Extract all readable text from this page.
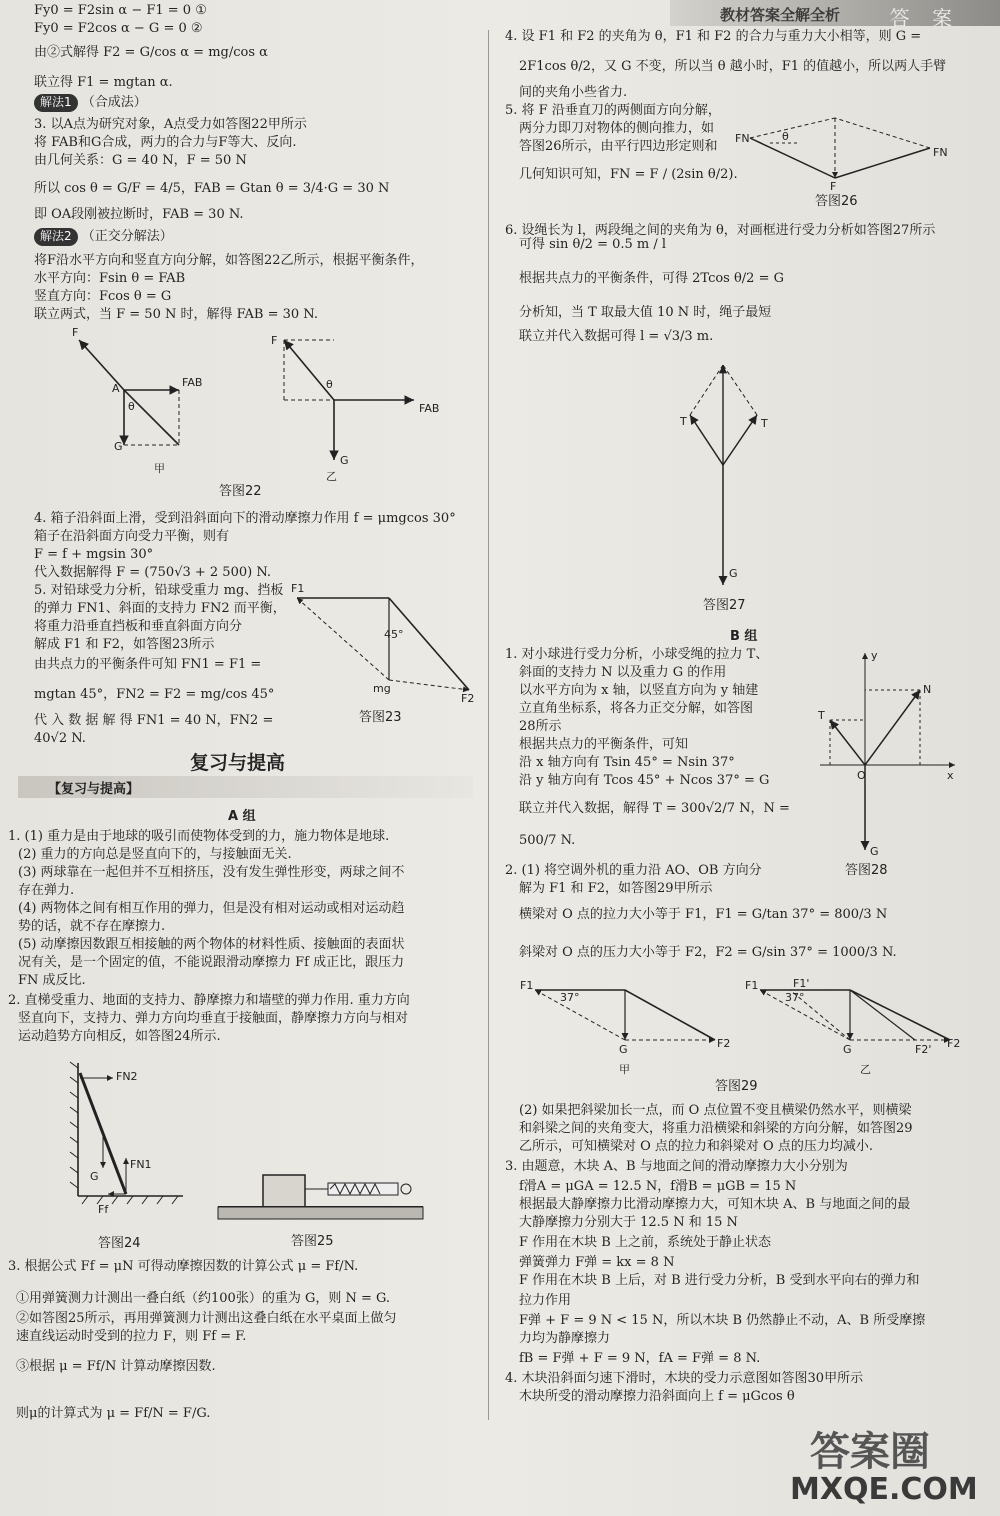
教材答案全解全析 答 案
Fy0 = F2sin α − F1 = 0 ①
Fy0 = F2cos α − G = 0 ②
由②式解得 F2 = G/cos α = mg/cos α
联立得 F1 = mgtan α.
解法1 （合成法）
3. 以A点为研究对象，A点受力如答图22甲所示
将 FAB和G合成，两力的合力与F等大、反向.
由几何关系：G = 40 N，F = 50 N
所以 cos θ = G/F = 4/5，FAB = Gtan θ = 3/4·G = 30 N
即 OA段刚被拉断时，FAB = 30 N.
解法2 （正交分解法）
将F沿水平方向和竖直方向分解，如答图22乙所示，根据平衡条件，
水平方向：Fsin θ = FAB
竖直方向：Fcos θ = G
联立两式，当 F = 50 N 时，解得 FAB = 30 N.
F
A
θ
FAB
G
F
θ
FAB
G
甲
乙
答图22
4. 箱子沿斜面上滑，受到沿斜面向下的滑动摩擦力作用 f = μmgcos 30°
箱子在沿斜面方向受力平衡，则有
F = f + mgsin 30°
代入数据解得 F = (750√3 + 2 500) N.
5. 对铅球受力分析，铅球受重力 mg、挡板
的弹力 FN1、斜面的支持力 FN2 而平衡，
将重力沿垂直挡板和垂直斜面方向分
解成 F1 和 F2，如答图23所示
由共点力的平衡条件可知 FN1 = F1 =
mgtan 45°，FN2 = F2 = mg/cos 45°
代 入 数 据 解 得 FN1 = 40 N，FN2 =
40√2 N.
F1
45°
mg
F2
答图23
复习与提高
【复习与提高】
A 组
1. (1) 重力是由于地球的吸引而使物体受到的力，施力物体是地球.
(2) 重力的方向总是竖直向下的，与接触面无关.
(3) 两球靠在一起但并不互相挤压，没有发生弹性形变，两球之间不
存在弹力.
(4) 两物体之间有相互作用的弹力，但是没有相对运动或相对运动趋
势的话，就不存在摩擦力.
(5) 动摩擦因数跟互相接触的两个物体的材料性质、接触面的表面状
况有关，是一个固定的值，不能说跟滑动摩擦力 Ff 成正比，跟压力
FN 成反比.
2. 直梯受重力、地面的支持力、静摩擦力和墙壁的弹力作用. 重力方向
竖直向下，支持力、弹力方向均垂直于接触面，静摩擦力方向与相对
运动趋势方向相反，如答图24所示.
FN2
G
FN1
Ff
答图24	答图25
3. 根据公式 Ff = μN 可得动摩擦因数的计算公式 μ = Ff/N.
①用弹簧测力计测出一叠白纸（约100张）的重为 G，则 N = G.
②如答图25所示，再用弹簧测力计测出这叠白纸在水平桌面上做匀
速直线运动时受到的拉力 F，则 Ff = F.
③根据 μ = Ff/N 计算动摩擦因数.
则μ的计算式为 μ = Ff/N = F/G.
4. 设 F1 和 F2 的夹角为 θ，F1 和 F2 的合力与重力大小相等，则 G =
2F1cos θ/2，又 G 不变，所以当 θ 越小时，F1 的值越小，所以两人手臂
间的夹角小些省力.
5. 将 F 沿垂直刀的两侧面方向分解，
两分力即刀对物体的侧向推力，如
答图26所示，由平行四边形定则和
几何知识可知，FN = F / (2sin θ/2).
FN	θ
FN
F
答图26
6. 设绳长为 l，两段绳之间的夹角为 θ，对画框进行受力分析如答图27所示
可得 sin θ/2 = 0.5 m / l
根据共点力的平衡条件，可得 2Tcos θ/2 = G
分析知，当 T 取最大值 10 N 时，绳子最短
联立并代入数据可得 l = √3/3 m.
T	T
G
答图27
B 组
1. 对小球进行受力分析，小球受绳的拉力 T、
斜面的支持力 N 以及重力 G 的作用
以水平方向为 x 轴，以竖直方向为 y 轴建
立直角坐标系，将各力正交分解，如答图
28所示
根据共点力的平衡条件，可知
沿 x 轴方向有 Tsin 45° = Nsin 37°
沿 y 轴方向有 Tcos 45° + Ncos 37° = G
联立并代入数据，解得 T = 300√2/7 N，N =
500/7 N.
y
x
T
N
O
G
答图28
2. (1) 将空调外机的重力沿 AO、OB 方向分
解为 F1 和 F2，如答图29甲所示
横梁对 O 点的拉力大小等于 F1，F1 = G/tan 37° = 800/3 N
斜梁对 O 点的压力大小等于 F2，F2 = G/sin 37° = 1000/3 N.
F1
37°
G	F2
甲
F1	F1'
37°
G	F2' F2
乙
答图29
(2) 如果把斜梁加长一点，而 O 点位置不变且横梁仍然水平，则横梁
和斜梁之间的夹角变大，将重力沿横梁和斜梁的方向分解，如答图29
乙所示，可知横梁对 O 点的拉力和斜梁对 O 点的压力均减小.
3. 由题意，木块 A、B 与地面之间的滑动摩擦力大小分别为
f滑A = μGA = 12.5 N，f滑B = μGB = 15 N
根据最大静摩擦力比滑动摩擦力大，可知木块 A、B 与地面之间的最
大静摩擦力分别大于 12.5 N 和 15 N
F 作用在木块 B 上之前，系统处于静止状态
弹簧弹力 F弹 = kx = 8 N
F 作用在木块 B 上后，对 B 进行受力分析，B 受到水平向右的弹力和
拉力作用
F弹 + F = 9 N < 15 N，所以木块 B 仍然静止不动，A、B 所受摩擦
力均为静摩擦力
fB = F弹 + F = 9 N，fA = F弹 = 8 N.
4. 木块沿斜面匀速下滑时，木块的受力示意图如答图30甲所示
木块所受的滑动摩擦力沿斜面向上 f = μGcos θ
答案圈
MXQE.COM
